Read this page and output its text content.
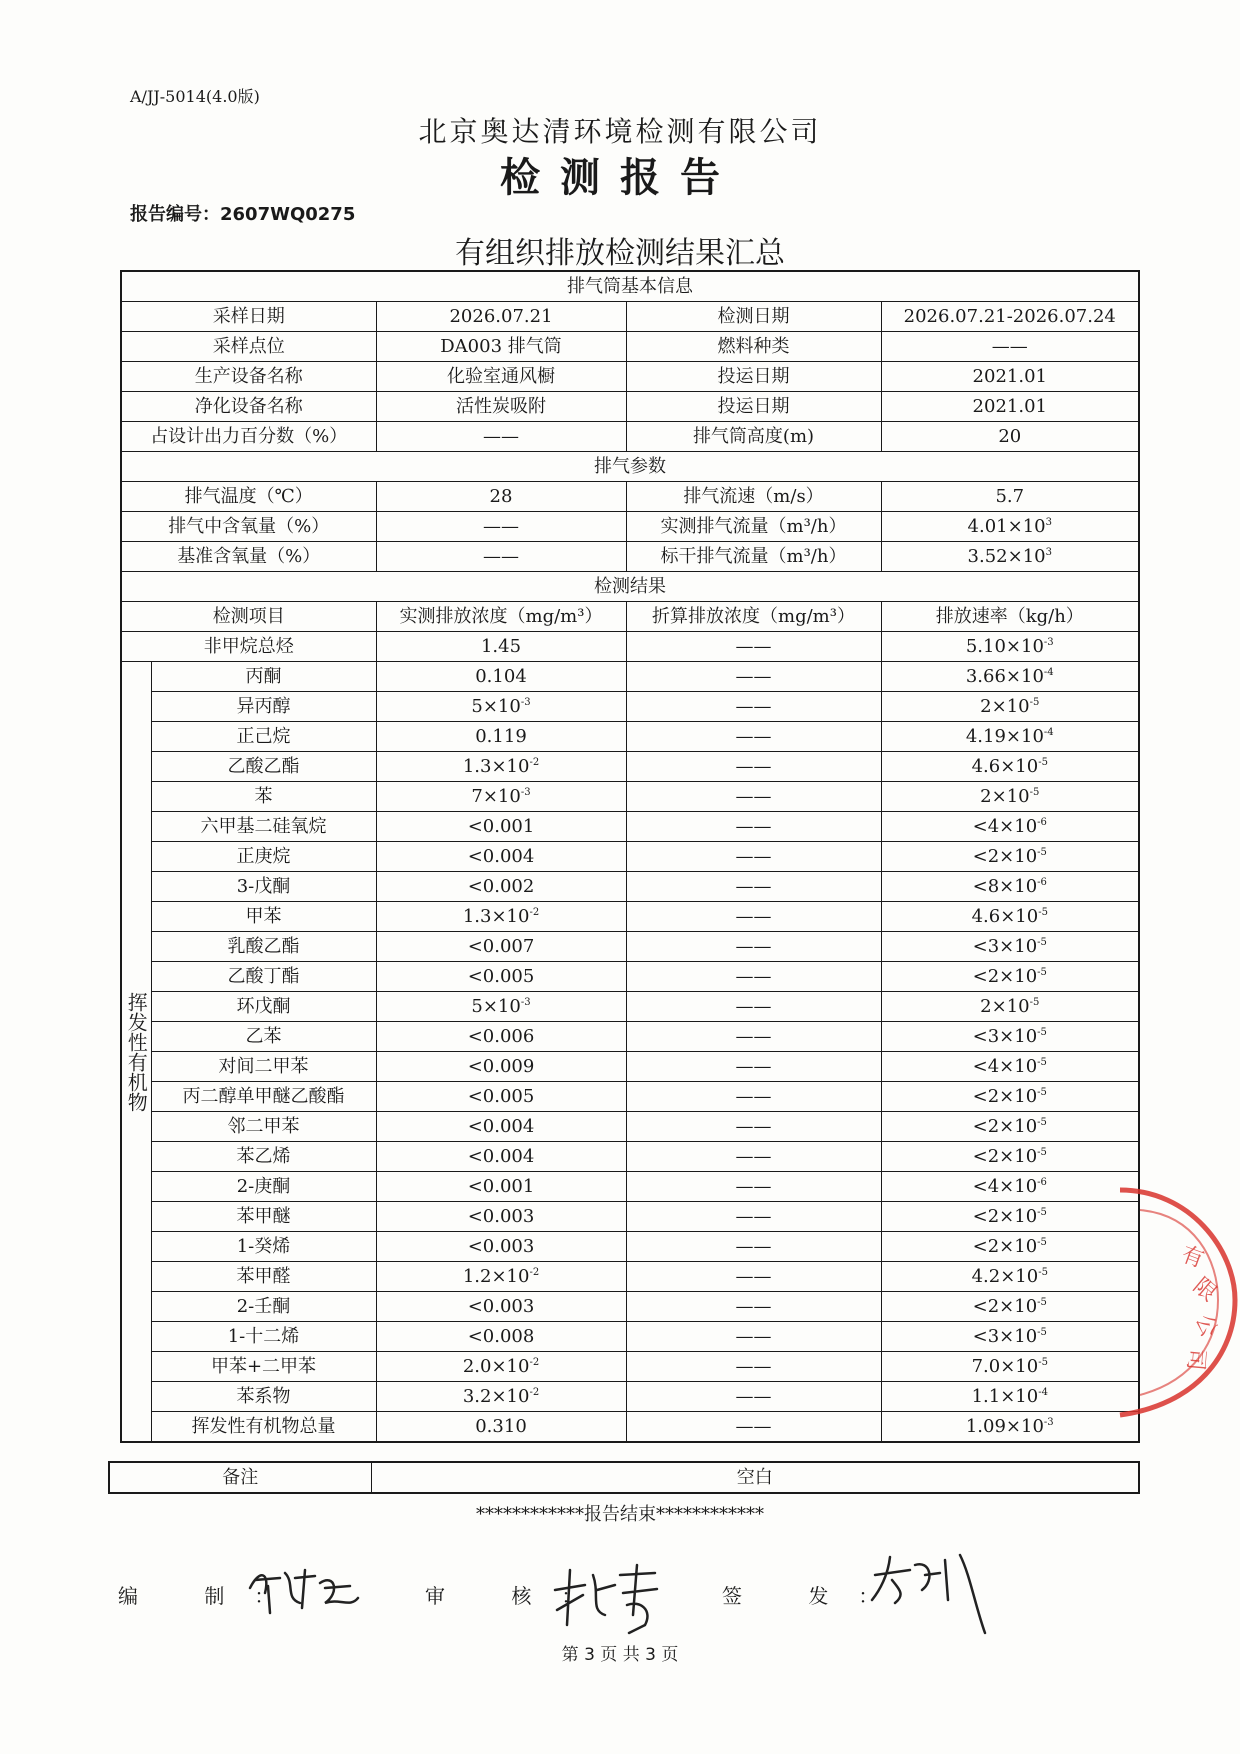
A/JJ-5014(4.0版)
北京奥达清环境检测有限公司
检测报告
报告编号：2607WQ0275
有组织排放检测结果汇总
排气筒基本信息				
采样日期		2026.07.21	检测日期	2026.07.21-2026.07.24
采样点位		DA003 排气筒	燃料种类	——
生产设备名称		化验室通风橱	投运日期	2021.01
净化设备名称		活性炭吸附	投运日期	2021.01
占设计出力百分数（%）		——	排气筒高度(m)	20
排气参数				
排气温度（℃）		28	排气流速（m/s）	5.7
排气中含氧量（%）		——	实测排气流量（m³/h）	$4.01\times 10^3$
基准含氧量（%）		——	标干排气流量（m³/h）	$3.52\times 10^3$
检测结果				
检测项目		实测排放浓度（mg/m³）	折算排放浓度（mg/m³）	排放速率（kg/h）
非甲烷总烃		1.45	——	$5.10\times 10^{-3}$

挥发性有机物	丙酮	0.104	——	$3.66\times 10^{-4}$
	异丙醇	$5\times 10^{-3}$	——	$2\times 10^{-5}$
	正己烷	0.119	——	$4.19\times 10^{-4}$
	乙酸乙酯	$1.3\times 10^{-2}$	——	$4.6\times 10^{-5}$
	苯	$7\times 10^{-3}$	——	$2\times 10^{-5}$
	六甲基二硅氧烷	<0.001	——	$<4\times 10^{-6}$
	正庚烷	<0.004	——	$<2\times 10^{-5}$
	3-戊酮	<0.002	——	$<8\times 10^{-6}$
	甲苯	$1.3\times 10^{-2}$	——	$4.6\times 10^{-5}$
	乳酸乙酯	<0.007	——	$<3\times 10^{-5}$
	乙酸丁酯	<0.005	——	$<2\times 10^{-5}$
	环戊酮	$5\times 10^{-3}$	——	$2\times 10^{-5}$
	乙苯	<0.006	——	$<3\times 10^{-5}$
	对间二甲苯	<0.009	——	$<4\times 10^{-5}$
	丙二醇单甲醚乙酸酯	<0.005	——	$<2\times 10^{-5}$
	邻二甲苯	<0.004	——	$<2\times 10^{-5}$
	苯乙烯	<0.004	——	$<2\times 10^{-5}$
	2-庚酮	<0.001	——	$<4\times 10^{-6}$
	苯甲醚	<0.003	——	$<2\times 10^{-5}$
	1-癸烯	<0.003	——	$<2\times 10^{-5}$
	苯甲醛	$1.2\times 10^{-2}$	——	$4.2\times 10^{-5}$
	2-壬酮	<0.003	——	$<2\times 10^{-5}$
	1-十二烯	<0.008	——	$<3\times 10^{-5}$
	甲苯+二甲苯	$2.0\times 10^{-2}$	——	$7.0\times 10^{-5}$
	苯系物	$3.2\times 10^{-2}$	——	$1.1\times 10^{-4}$
	挥发性有机物总量	0.310	——	$1.09\times 10^{-3}$
备注	空白
************报告结束************
编 制：	审 核：	签 发：
第 3 页 共 3 页
有
限
公
司
